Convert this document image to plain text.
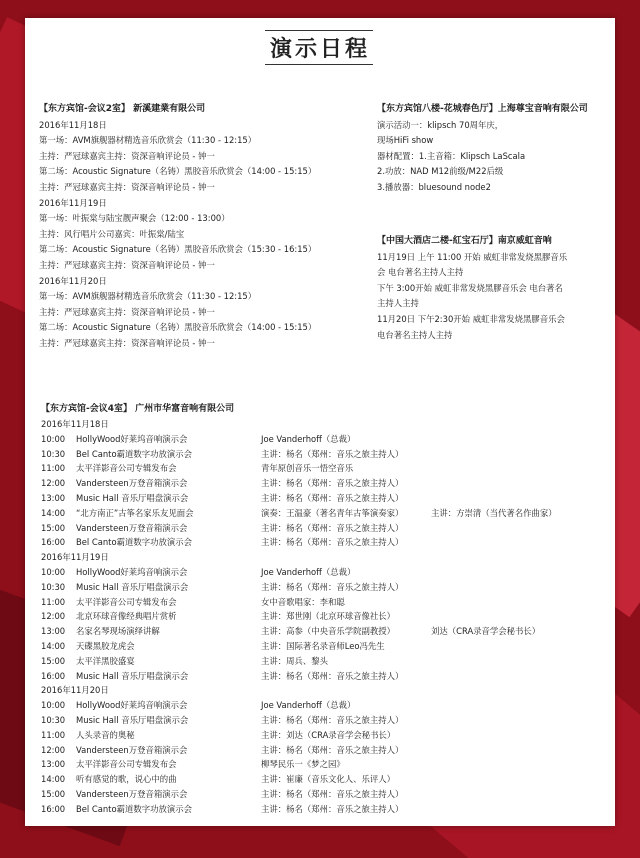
演示日程
【东方宾馆-会议2室】 新溪建業有限公司
2016年11月18日
第一场：AVM旗舰器材精选音乐欣赏会（11:30 - 12:15）
主持：严冠球嘉宾主持：资深音响评论员 - 钟一
第二场：Acoustic Signature（名铸）黑胶音乐欣赏会（14:00 - 15:15）
主持：严冠球嘉宾主持：资深音响评论员 - 钟一
2016年11月19日
第一场：叶振棠与陆宝靓声聚会（12:00 - 13:00）
主持：风行唱片公司嘉宾：叶振棠/陆宝
第二场：Acoustic Signature（名铸）黑胶音乐欣赏会（15:30 - 16:15）
主持：严冠球嘉宾主持：资深音响评论员 - 钟一
2016年11月20日
第一场：AVM旗舰器材精选音乐欣赏会（11:30 - 12:15）
主持：严冠球嘉宾主持：资深音响评论员 - 钟一
第二场：Acoustic Signature（名铸）黑胶音乐欣赏会（14:00 - 15:15）
主持：严冠球嘉宾主持：资深音响评论员 - 钟一
【东方宾馆八楼-花城春色厅】上海尊宝音响有限公司
演示活动一：klipsch 70周年庆，
现场HiFi show
器材配置：1.主音箱：Klipsch LaScala
2.功放：NAD M12前级/M22后级
3.播放器：bluesound node2
【中国大酒店二楼-紅宝石厅】南京威虹音响
11月19日 上午 11:00 开始 威虹非常发烧黑膠音乐
会 电台著名主持人主持
下午 3:00开始 威虹非常发烧黑膠音乐会 电台著名
主持人主持
11月20日 下午2:30开始 威虹非常发烧黑膠音乐会
电台著名主持人主持
【东方宾馆-会议4室】 广州市华富音响有限公司
2016年11月18日
10:00 HollyWood好莱坞音响演示会	Joe Vanderhoff（总裁）
10:30 Bel Canto霸道数字功放演示会	主讲：杨名（郑州：音乐之旅主持人）
11:00 太平洋影音公司专辑发布会	青年原创音乐一悟空音乐
12:00 Vandersteen万登音箱演示会	主讲：杨名（郑州：音乐之旅主持人）
13:00 Music Hall 音乐厅唱盘演示会	主讲：杨名（郑州：音乐之旅主持人）
14:00 “北方南正”古筝名家乐友见面会	演奏：王温豪（著名青年古筝演奏家）	主讲：方崇清（当代著名作曲家）
15:00 Vandersteen万登音箱演示会	主讲：杨名（郑州：音乐之旅主持人）
16:00 Bel Canto霸道数字功放演示会	主讲：杨名（郑州：音乐之旅主持人）
2016年11月19日
10:00 HollyWood好莱坞音响演示会	Joe Vanderhoff（总裁）
10:30 Music Hall 音乐厅唱盘演示会	主讲：杨名（郑州：音乐之旅主持人）
11:00 太平洋影音公司专辑发布会	女中音歌唱家：李和聪
12:00 北京环球音像经典唱片赏析	主讲：郑世刚（北京环球音像社长）
13:00 名家名琴现场演绎讲解	主讲：高参（中央音乐学院副教授）	刘达（CRA录音学会秘书长）
14:00 天碟黑胶龙虎会	主讲：国际著名录音师Leo冯先生
15:00 太平洋黑胶盛宴	主讲：周兵、黎头
16:00 Music Hall 音乐厅唱盘演示会	主讲：杨名（郑州：音乐之旅主持人）
2016年11月20日
10:00 HollyWood好莱坞音响演示会	Joe Vanderhoff（总裁）
10:30 Music Hall 音乐厅唱盘演示会	主讲：杨名（郑州：音乐之旅主持人）
11:00 人头录音的奥秘	主讲：刘达（CRA录音学会秘书长）
12:00 Vandersteen万登音箱演示会	主讲：杨名（郑州：音乐之旅主持人）
13:00 太平洋影音公司专辑发布会	柳琴民乐一《梦之园》
14:00 听有感觉的歌，说心中的曲	主讲：崔廉（音乐文化人、乐评人）
15:00 Vandersteen万登音箱演示会	主讲：杨名（郑州：音乐之旅主持人）
16:00 Bel Canto霸道数字功放演示会	主讲：杨名（郑州：音乐之旅主持人）
